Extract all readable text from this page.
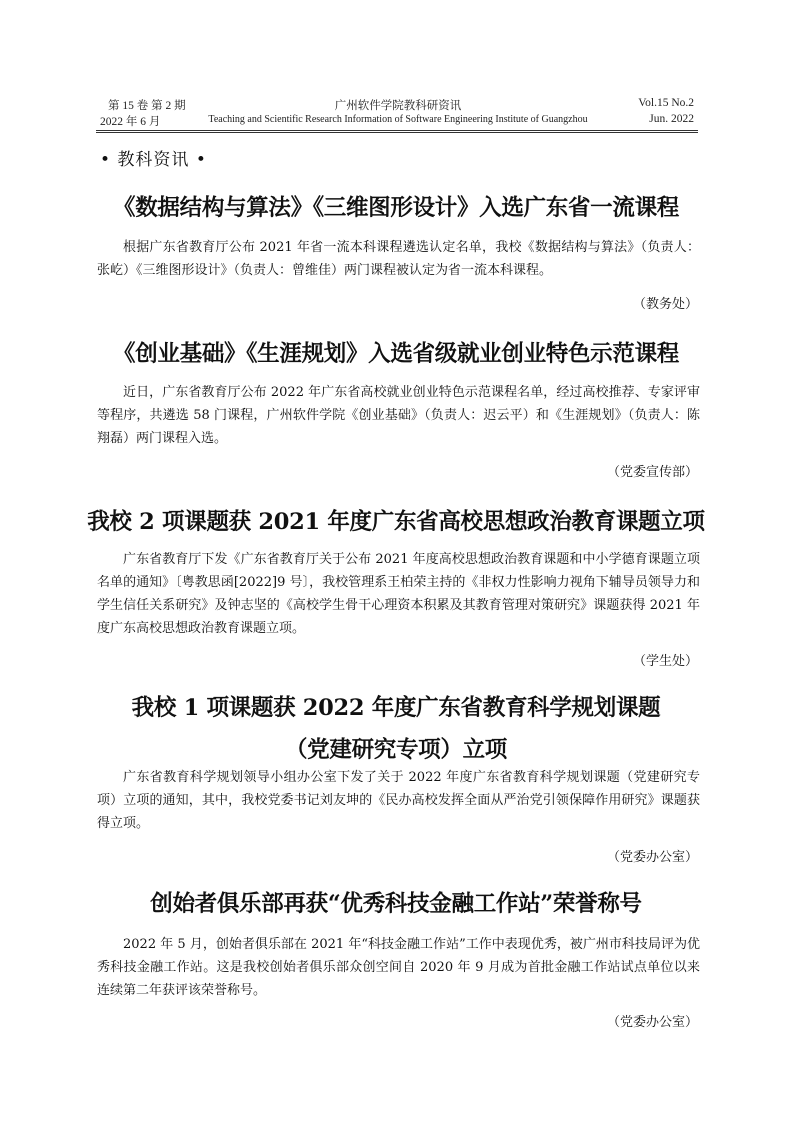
第 15 卷 第 2 期	广州软件学院教科研资讯	Vol.15 No.2
2022 年 6 月	Teaching and Scientific Research Information of Software Engineering Institute of Guangzhou	Jun. 2022
• 教科资讯 •
《数据结构与算法》《三维图形设计》入选广东省一流课程

根据广东省教育厅公布 2021 年省一流本科课程遴选认定名单，我校《数据结构与算法》（负责人：张屹）《三维图形设计》（负责人：曾维佳）两门课程被认定为省一流本科课程。

（教务处）
《创业基础》《生涯规划》入选省级就业创业特色示范课程

近日，广东省教育厅公布 2022 年广东省高校就业创业特色示范课程名单，经过高校推荐、专家评审等程序，共遴选 58 门课程，广州软件学院《创业基础》（负责人：迟云平）和《生涯规划》（负责人：陈翔磊）两门课程入选。

（党委宣传部）
我校 2 项课题获 2021 年度广东省高校思想政治教育课题立项

广东省教育厅下发《广东省教育厅关于公布 2021 年度高校思想政治教育课题和中小学德育课题立项名单的通知》〔粤教思函[2022]9 号〕，我校管理系王柏荣主持的《非权力性影响力视角下辅导员领导力和学生信任关系研究》及钟志坚的《高校学生骨干心理资本积累及其教育管理对策研究》课题获得 2021 年度广东高校思想政治教育课题立项。

（学生处）
我校 1 项课题获 2022 年度广东省教育科学规划课题
（党建研究专项）立项

广东省教育科学规划领导小组办公室下发了关于 2022 年度广东省教育科学规划课题（党建研究专项）立项的通知，其中，我校党委书记刘友坤的《民办高校发挥全面从严治党引领保障作用研究》课题获得立项。

（党委办公室）
创始者俱乐部再获“优秀科技金融工作站”荣誉称号

2022 年 5 月，创始者俱乐部在 2021 年“科技金融工作站”工作中表现优秀，被广州市科技局评为优秀科技金融工作站。这是我校创始者俱乐部众创空间自 2020 年 9 月成为首批金融工作站试点单位以来连续第二年获评该荣誉称号。

（党委办公室）
